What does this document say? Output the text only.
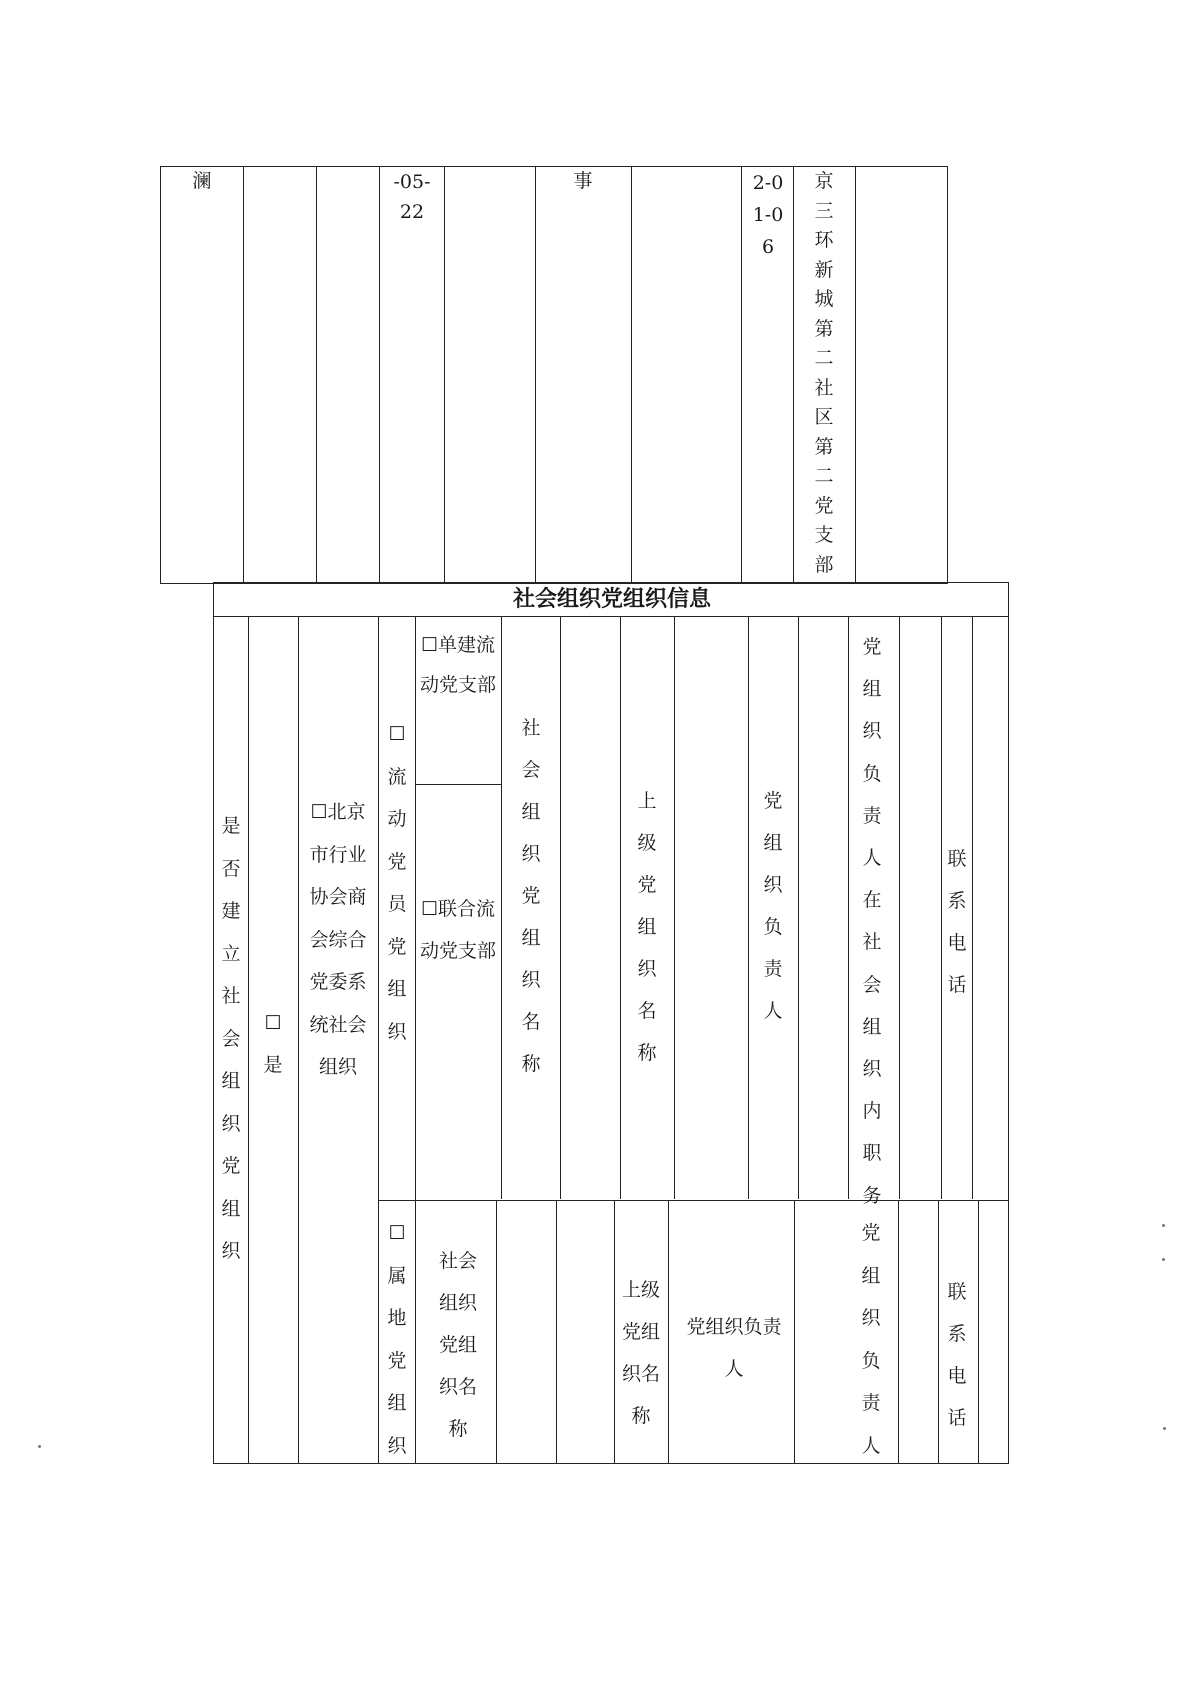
澜	-05-22
事	2-01-06
京三环新城第二社区第二党支部
社会组织党组织信息
是否建立社会组织党组织
☐是
☐北京市行业协会商会综合党委系统社会组织
☐流动党员党组织
☐单建流动党支部
☐联合流动党支部
社会组织党组织名称
上级党组织名称
党组织负责人
党组织负责人在社会组织内职务
联系电话
☐属地党组织
社会组织党组织名称
上级党组织名称
党组织负责人
党组织负责人
联系电话
